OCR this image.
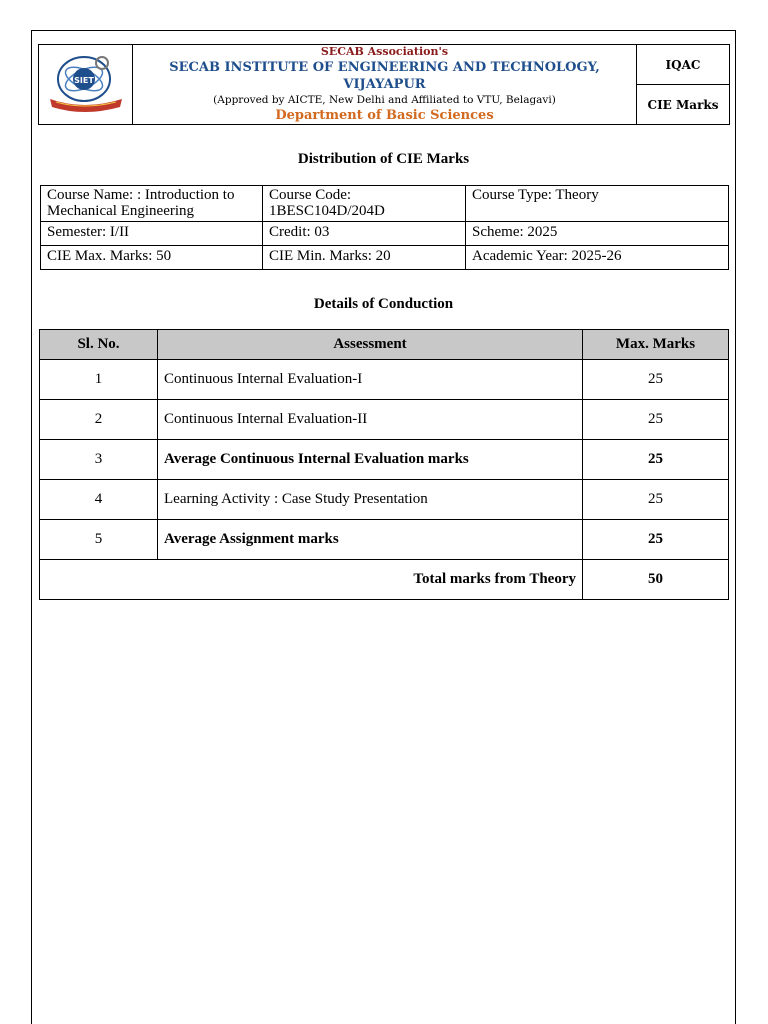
SIET

SECAB Association's
SECAB INSTITUTE OF ENGINEERING AND TECHNOLOGY, VIJAYAPUR
(Approved by AICTE, New Delhi and Affiliated to VTU, Belagavi)
Department of Basic Sciences
	IQAC
CIE Marks
Distribution of CIE Marks
Course Name: : Introduction to Mechanical Engineering	Course Code: 1BESC104D/204D	Course Type: Theory
Semester: I/II	Credit: 03	Scheme: 2025
CIE Max. Marks: 50	CIE Min. Marks: 20	Academic Year: 2025-26
Details of Conduction
Sl. No.	Assessment	Max. Marks
1	Continuous Internal Evaluation-I	25
2	Continuous Internal Evaluation-II	25
3	Average Continuous Internal Evaluation marks	25
4	Learning Activity : Case Study Presentation	25
5	Average Assignment marks	25
Total marks from Theory		50
